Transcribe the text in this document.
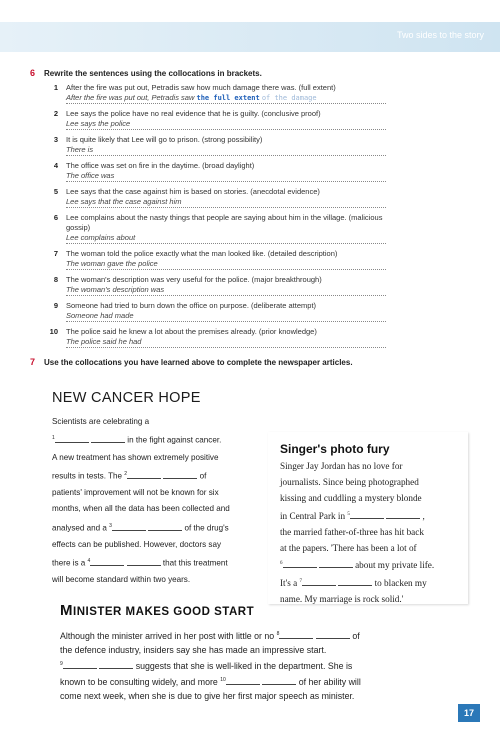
Two sides to the story
6 Rewrite the sentences using the collocations in brackets.
1	After the fire was put out, Petradis saw how much damage there was. (full extent)
After the fire was put out, Petradis saw the full extent of the damage
2	Lee says the police have no real evidence that he is guilty. (conclusive proof)
Lee says the police
3	It is quite likely that Lee will go to prison. (strong possibility)
There is
4	The office was set on fire in the daytime. (broad daylight)
The office was
5	Lee says that the case against him is based on stories. (anecdotal evidence)
Lee says that the case against him
6	Lee complains about the nasty things that people are saying about him in the village. (malicious gossip)
Lee complains about
7	The woman told the police exactly what the man looked like. (detailed description)
The woman gave the police
8	The woman's description was very useful for the police. (major breakthrough)
The woman's description was
9	Someone had tried to burn down the office on purpose. (deliberate attempt)
Someone had made
10	The police said he knew a lot about the premises already. (prior knowledge)
The police said he had
7 Use the collocations you have learned above to complete the newspaper articles.
NEW CANCER HOPE
Scientists are celebrating a
$^1$	in the fight against cancer.
A new treatment has shown extremely positive
results in tests. The $^2$	of
patients' improvement will not be known for six
months, when all the data has been collected and
analysed and a $^3$	of the drug's
effects can be published. However, doctors say
there is a $^4$	that this treatment
will become standard within two years.
Singer's photo fury
Singer Jay Jordan has no love for
journalists. Since being photographed
kissing and cuddling a mystery blonde
in Central Park in $^5$	,
the married father-of-three has hit back
at the papers. 'There has been a lot of
$^6$	about my private life.
It's a $^7$	to blacken my
name. My marriage is rock solid.'
MINISTER MAKES GOOD START
Although the minister arrived in her post with little or no $^8$	of
the defence industry, insiders say she has made an impressive start.
$^9$	suggests that she is well-liked in the department. She is
known to be consulting widely, and more $^{10}$	of her ability will
come next week, when she is due to give her first major speech as minister.
17
